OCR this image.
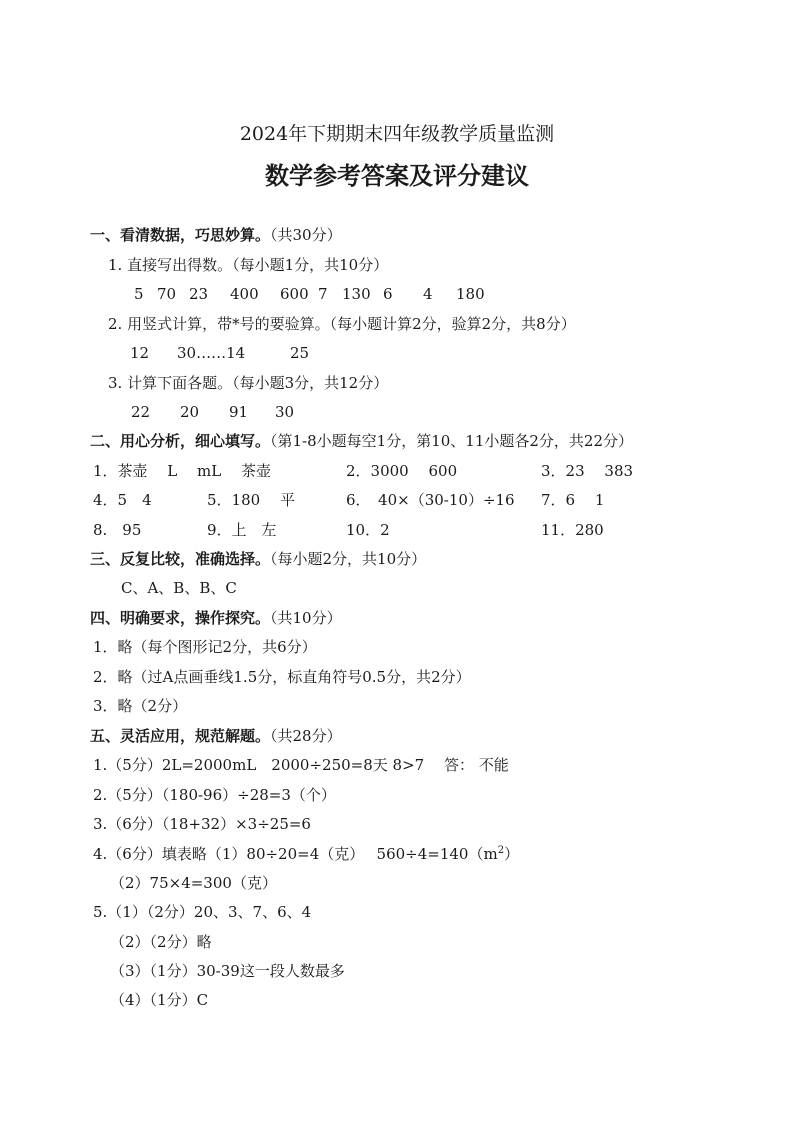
2024年下期期末四年级教学质量监测
数学参考答案及评分建议
一、看清数据，巧思妙算。（共30分）
1. 直接写出得数。（每小题1分，共10分）
5 70 23 400 600 7 130 6 4 180
2. 用竖式计算，带*号的要验算。（每小题计算2分，验算2分，共8分）
12 30……14	25
3. 计算下面各题。（每小题3分，共12分）
22 20 91 30
二、用心分析，细心填写。（第1-8小题每空1分，第10、11小题各2分，共22分）
1．茶壶　 L　 mL　 茶壶	2．3000　 600	3．23　 383
4．5　4	5．180　 平	6．　40×（30-10）÷16 7．6　 1
8.　95	9．上　左	10．2	11．280
三、反复比较，准确选择。（每小题2分，共10分）
C、A、B、B、C
四、明确要求，操作探究。（共10分）
1．略（每个图形记2分，共6分）
2．略（过A点画垂线1.5分，标直角符号0.5分，共2分）
3．略（2分）
五、灵活应用，规范解题。（共28分）
1.（5分）2L=2000mL　2000÷250=8天 8>7　 答： 不能
2.（5分）（180-96）÷28=3（个）
3.（6分）（18+32）×3÷25=6
4.（6分）填表略（1）80÷20=4（克）　 $560\div 4=140(m^2)$
（2）75×4=300（克）
5.（1）（2分）20、3、7、6、4
（2）（2分）略
（3）（1分）30-39这一段人数最多
（4）（1分）C
